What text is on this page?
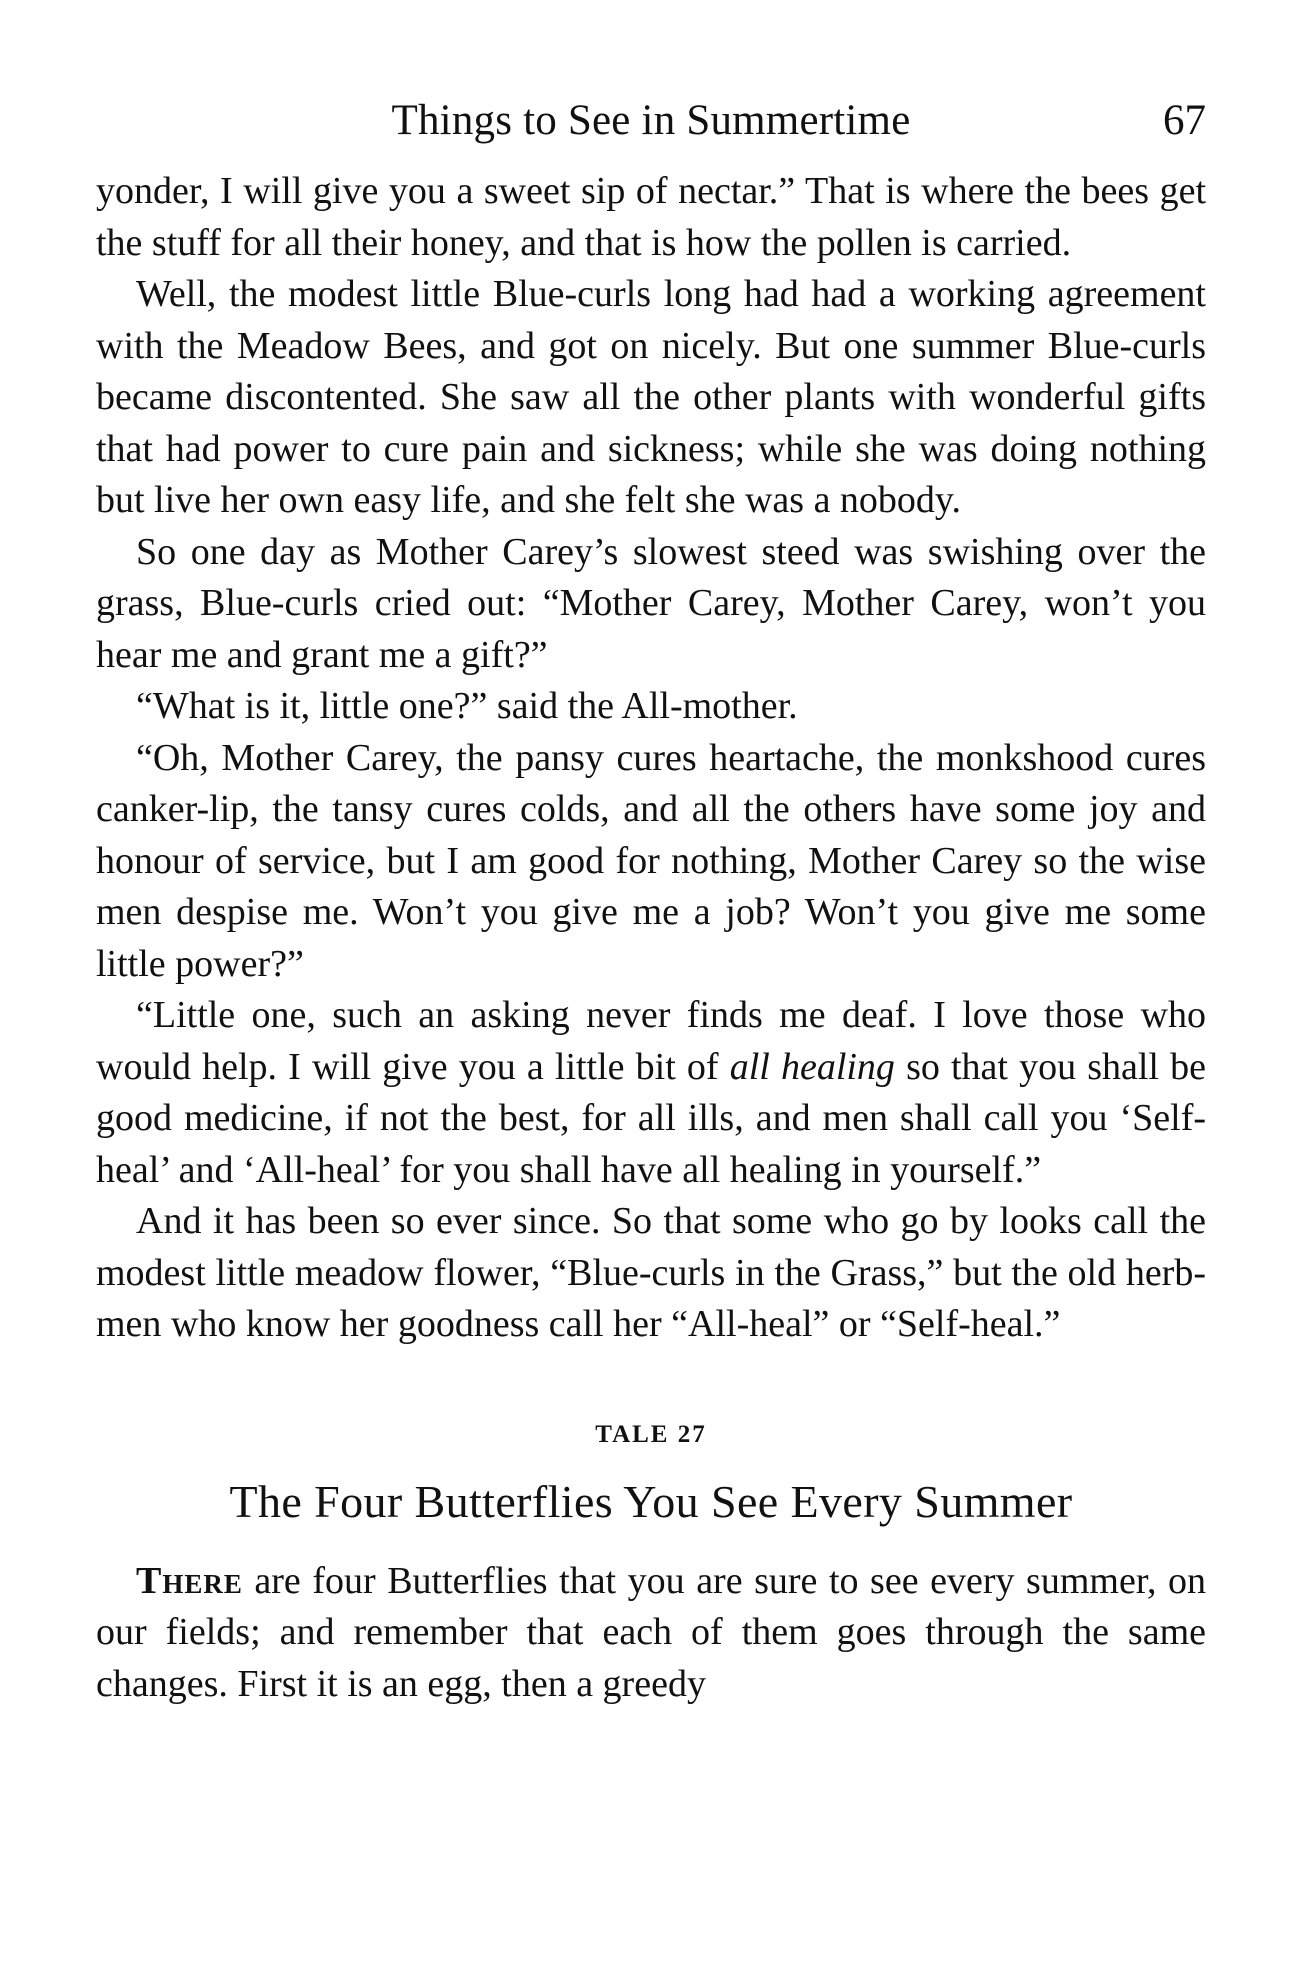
Things to See in Summertime	67

yonder, I will give you a sweet sip of nectar.” That is where the bees get the stuff for all their honey, and that is how the pollen is carried.

Well, the modest little Blue-curls long had had a working agreement with the Meadow Bees, and got on nicely. But one summer Blue-curls became discontented. She saw all the other plants with wonderful gifts that had power to cure pain and sickness; while she was doing nothing but live her own easy life, and she felt she was a nobody.

So one day as Mother Carey’s slowest steed was swishing over the grass, Blue-curls cried out: “Mother Carey, Mother Carey, won’t you hear me and grant me a gift?”

“What is it, little one?” said the All-mother.

“Oh, Mother Carey, the pansy cures heartache, the monkshood cures canker-lip, the tansy cures colds, and all the others have some joy and honour of service, but I am good for nothing, Mother Carey so the wise men despise me. Won’t you give me a job? Won’t you give me some little power?”

“Little one, such an asking never finds me deaf. I love those who would help. I will give you a little bit of all healing so that you shall be good medicine, if not the best, for all ills, and men shall call you ‘Self-heal’ and ‘All-heal’ for you shall have all healing in yourself.”

And it has been so ever since. So that some who go by looks call the modest little meadow flower, “Blue-curls in the Grass,” but the old herb-men who know her goodness call her “All-heal” or “Self-heal.”

TALE 27
The Four Butterflies You See Every Summer

There are four Butterflies that you are sure to see every summer, on our fields; and remember that each of them goes through the same changes. First it is an egg, then a greedy
